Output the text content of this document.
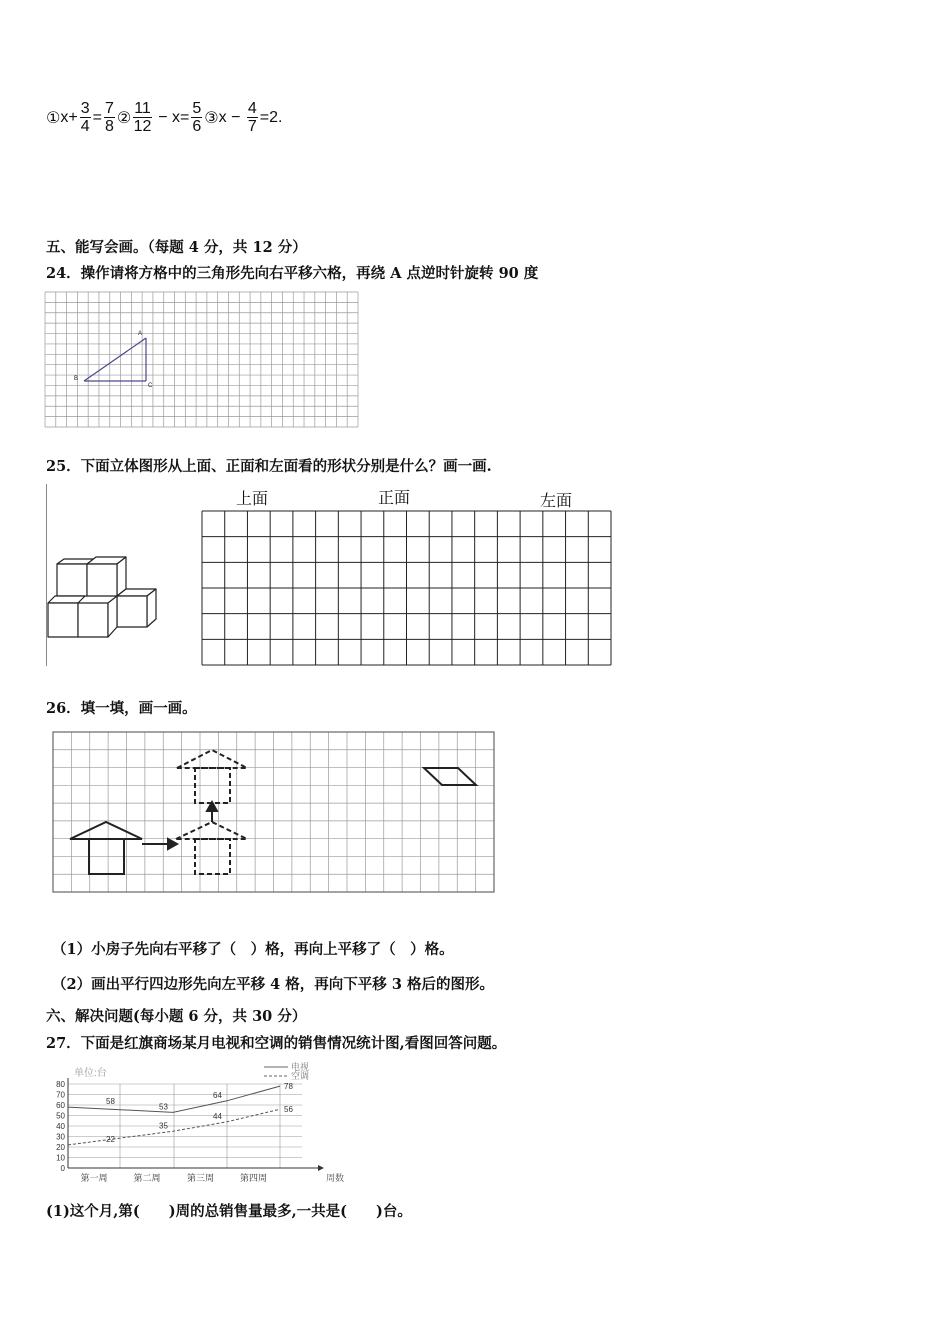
① $x+ \frac{3}{4} = \frac{7}{8}$ ② $\frac{11}{12} - x= \frac{5}{6}$ ③ $x - \frac{4}{7} =2$.
五、能写会画。（每题 4 分，共 12 分）
24．操作请将方格中的三角形先向右平移六格，再绕 A 点逆时针旋转 90 度
A
B
C
25．下面立体图形从上面、正面和左面看的形状分别是什么？画一画.
上面	正面	左面
26．填一填，画一画。
（1）小房子先向右平移了（　）格，再向上平移了（　）格。
（2）画出平行四边形先向左平移 4 格，再向下平移 3 格后的图形。
六、解决问题(每小题 6 分，共 30 分）
27．下面是红旗商场某月电视和空调的销售情况统计图,看图回答问题。
单位:台
0
10
20
30
40
50
60
70
80
第一周	第二周	第三周	第四周	周数
58
53
64
78
电视
22
35
44
56
空调
(1)这个月,第(　　)周的总销售量最多,一共是(　　)台。
